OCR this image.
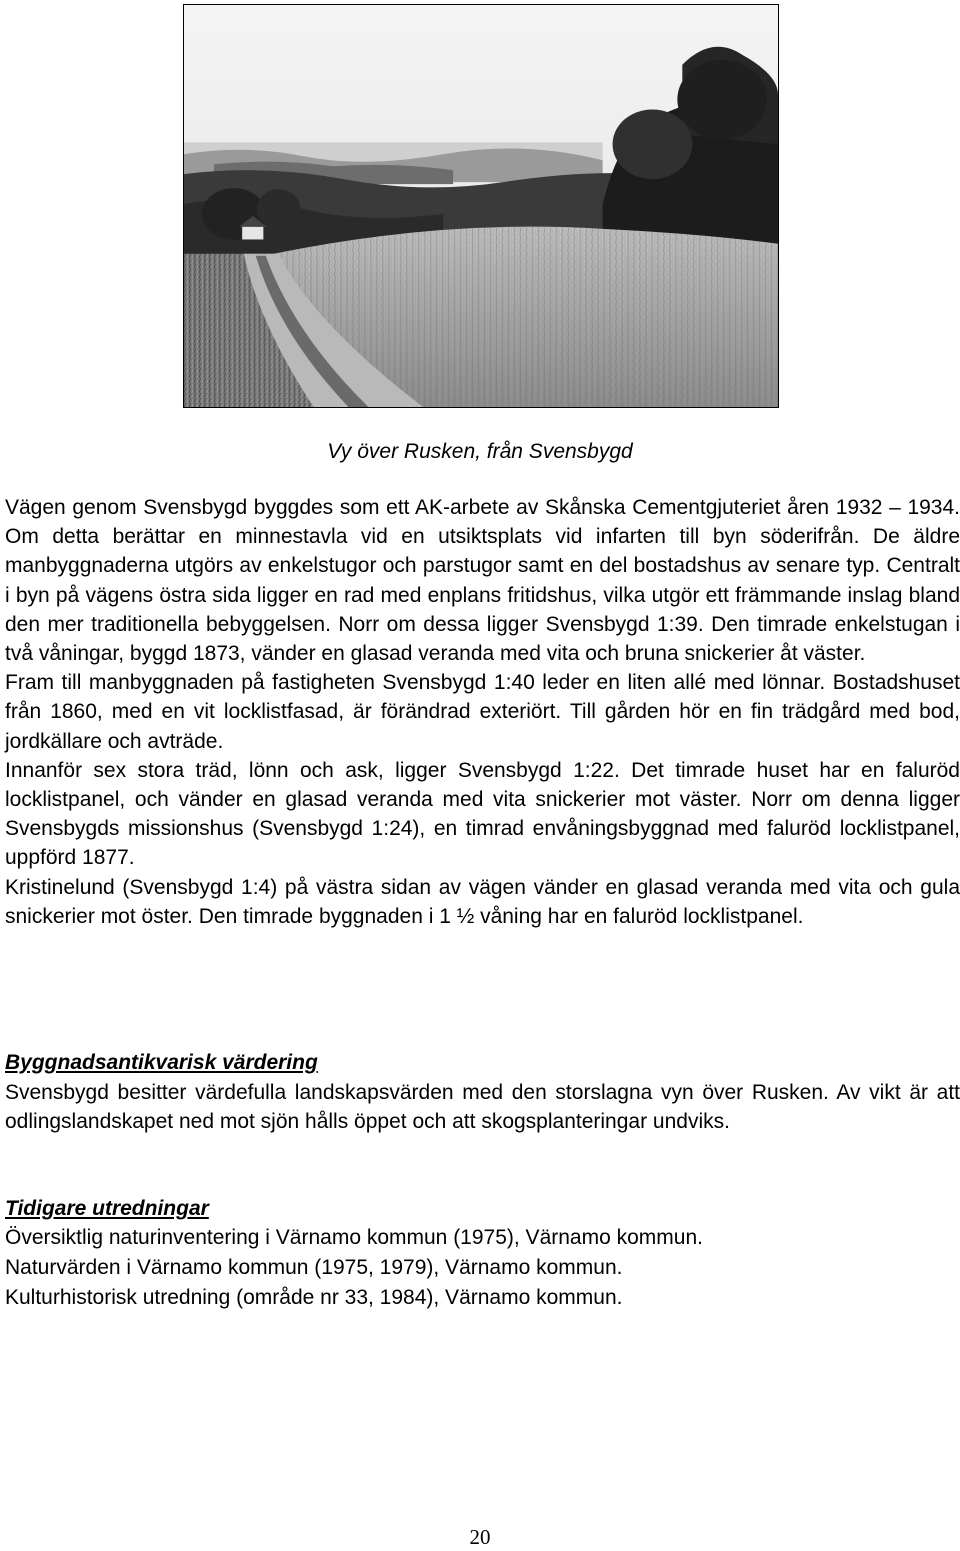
Vy över Rusken, från Svensbygd

Vägen genom Svensbygd byggdes som ett AK-arbete av Skånska Cementgjuteriet åren 1932 – 1934. Om detta berättar en minnestavla vid en utsiktsplats vid infarten till byn söderifrån. De äldre manbyggnaderna utgörs av enkelstugor och parstugor samt en del bostadshus av senare typ. Centralt i byn på vägens östra sida ligger en rad med enplans fritidshus, vilka utgör ett främmande inslag bland den mer traditionella bebyggelsen. Norr om dessa ligger Svensbygd 1:39. Den timrade enkelstugan i två våningar, byggd 1873, vänder en glasad veranda med vita och bruna snickerier åt väster.

Fram till manbyggnaden på fastigheten Svensbygd 1:40 leder en liten allé med lönnar. Bostadshuset från 1860, med en vit locklistfasad, är förändrad exteriört. Till gården hör en fin trädgård med bod, jordkällare och avträde.

Innanför sex stora träd, lönn och ask, ligger Svensbygd 1:22. Det timrade huset har en faluröd locklistpanel, och vänder en glasad veranda med vita snickerier mot väster. Norr om denna ligger Svensbygds missionshus (Svensbygd 1:24), en timrad envåningsbyggnad med faluröd locklistpanel, uppförd 1877.

Kristinelund (Svensbygd 1:4) på västra sidan av vägen vänder en glasad veranda med vita och gula snickerier mot öster. Den timrade byggnaden i 1 ½ våning har en faluröd locklistpanel.

Byggnadsantikvarisk värdering

Svensbygd besitter värdefulla landskapsvärden med den storslagna vyn över Rusken. Av vikt är att odlingslandskapet ned mot sjön hålls öppet och att skogsplanteringar undviks.

Tidigare utredningar
Översiktlig naturinventering i Värnamo kommun (1975), Värnamo kommun.
Naturvärden i Värnamo kommun (1975, 1979), Värnamo kommun.
Kulturhistorisk utredning (område nr 33, 1984), Värnamo kommun.
20
